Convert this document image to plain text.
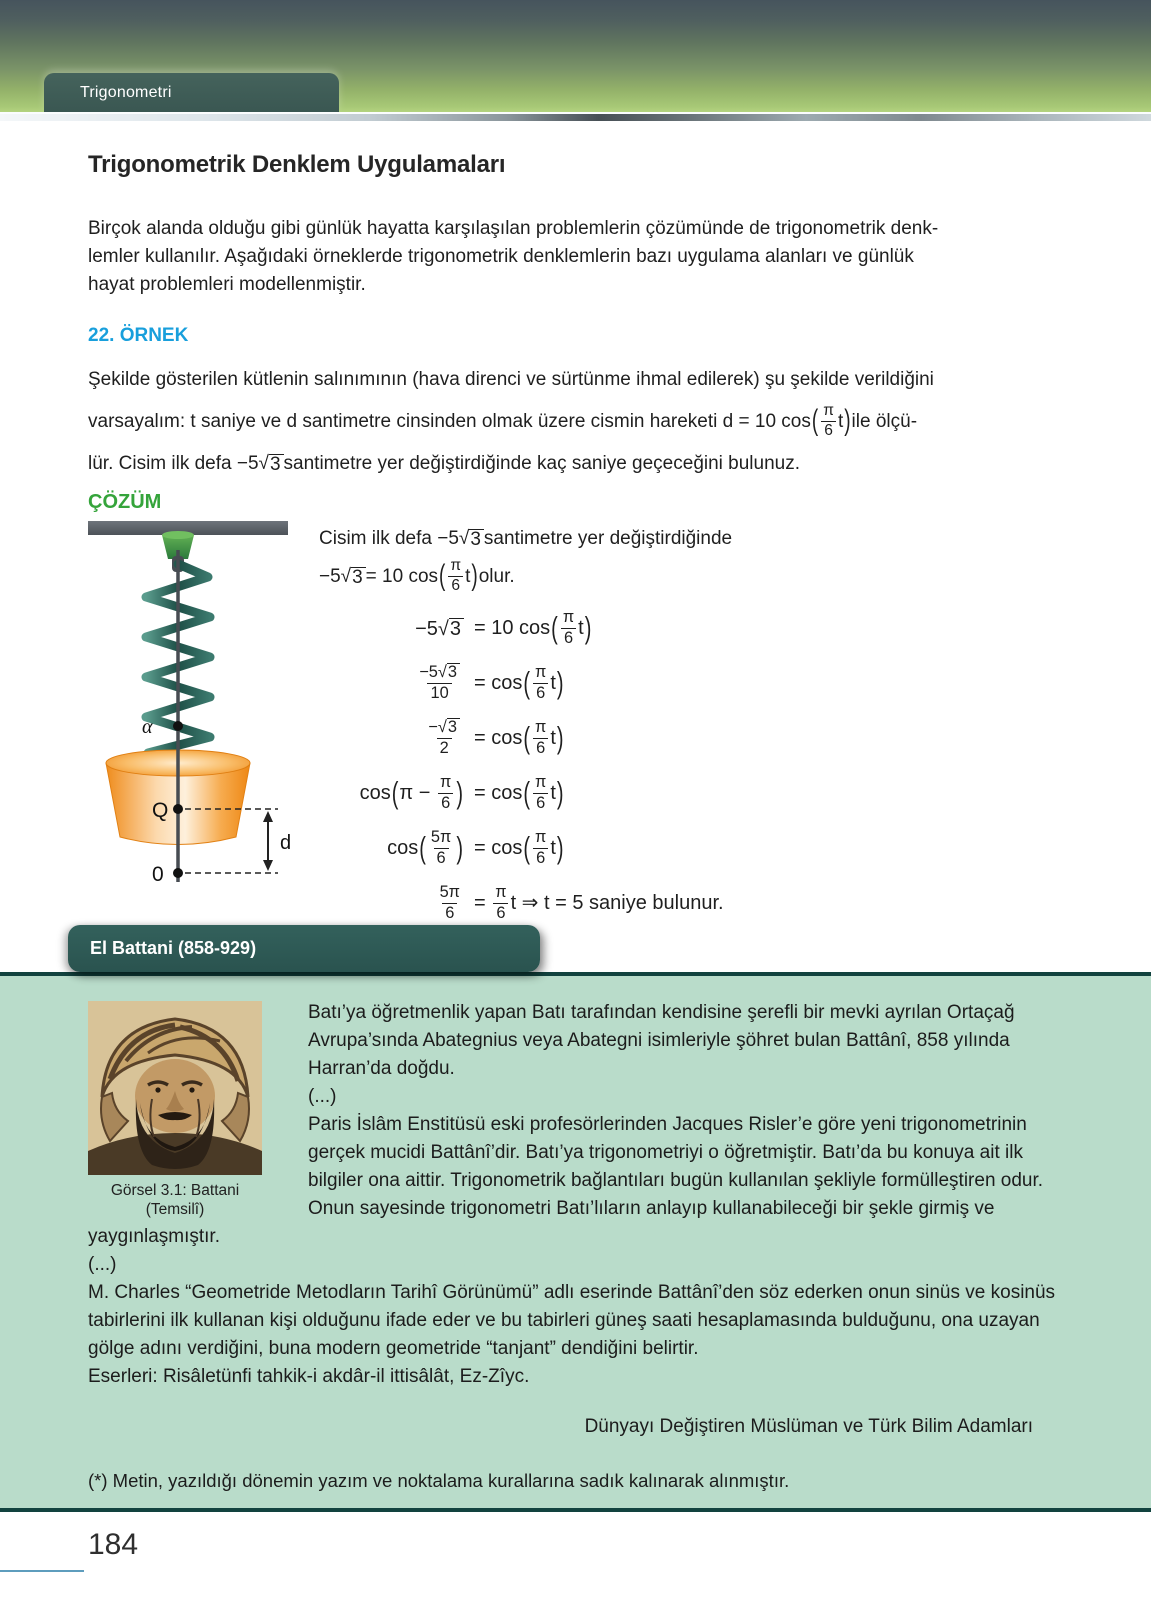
Trigonometri
Trigonometrik Denklem Uygulamaları
Birçok alanda olduğu gibi günlük hayatta karşılaşılan problemlerin çözümünde de trigonometrik denk-
lemler kullanılır. Aşağıdaki örneklerde trigonometrik denklemlerin bazı uygulama alanları ve günlük
hayat problemleri modellenmiştir.
22. ÖRNEK
Şekilde gösterilen kütlenin salınımının (hava direnci ve sürtünme ihmal edilerek) şu şekilde verildiğini
varsayalım: t saniye ve d santimetre cinsinden olmak üzere cismin hareketi d = 10 cos ( $\frac{\pi}{6}$ t ) ile ölçü-
lür. Cisim ilk defa −5√ 3 santimetre yer değiştirdiğinde kaç saniye geçeceğini bulunuz.
ÇÖZÜM
α
Q
0
d
Cisim ilk defa −5√ 3 santimetre yer değiştirdiğinde
−5√ 3 = 10 cos ( $\frac{\pi}{6}$ t ) olur.
−5√3 = 10 $\cos( \frac{\pi}{6} t)$
$\frac{-5√3}{10} = \cos( \frac{\pi}{6} t)$
$\frac{-√3}{2} = \cos( \frac{\pi}{6} t)$
$\cos(\pi - \frac{\pi}{6}$ ) = $\cos( \frac{\pi}{6} t)$
$\cos( \frac{5\pi}{6}$ ) = $\cos( \frac{\pi}{6} t)$
$\frac{5\pi}{6} = \frac{\pi}{6}$ t ⇒ t = 5 saniye bulunur.
El Battani (858-929)
Görsel 3.1: Battani
(Temsilî)

Batı’ya öğretmenlik yapan Batı tarafından kendisine şerefli bir mevki ayrılan Ortaçağ Avrupa’sında Abategnius veya Abategni isimleriyle şöhret bulan Battânî, 858 yılında Harran’da doğdu.

(...)

Paris İslâm Enstitüsü eski profesörlerinden Jacques Risler’e göre yeni trigonometrinin gerçek mucidi Battânî’dir. Batı’ya trigonometriyi o öğretmiştir. Batı’da bu konuya ait ilk bilgiler ona aittir. Trigonometrik bağlantıları bugün kullanılan şekliyle formülleştiren odur. Onun sayesinde trigonometri Batı’lıların anlayıp kullanabileceği bir şekle girmiş ve yaygınlaşmıştır.

(...)

M. Charles “Geometride Metodların Tarihî Görünümü” adlı eserinde Battânî’den söz ederken onun sinüs ve kosinüs tabirlerini ilk kullanan kişi olduğunu ifade eder ve bu tabirleri güneş saati hesaplamasında bulduğunu, ona uzayan gölge adını verdiğini, buna modern geometride “tanjant” dendiğini belirtir.

Eserleri: Risâletünfi tahkik-i akdâr-il ittisâlât, Ez-Zîyc.

Dünyayı Değiştiren Müslüman ve Türk Bilim Adamları

(*) Metin, yazıldığı dönemin yazım ve noktalama kurallarına sadık kalınarak alınmıştır.

184
